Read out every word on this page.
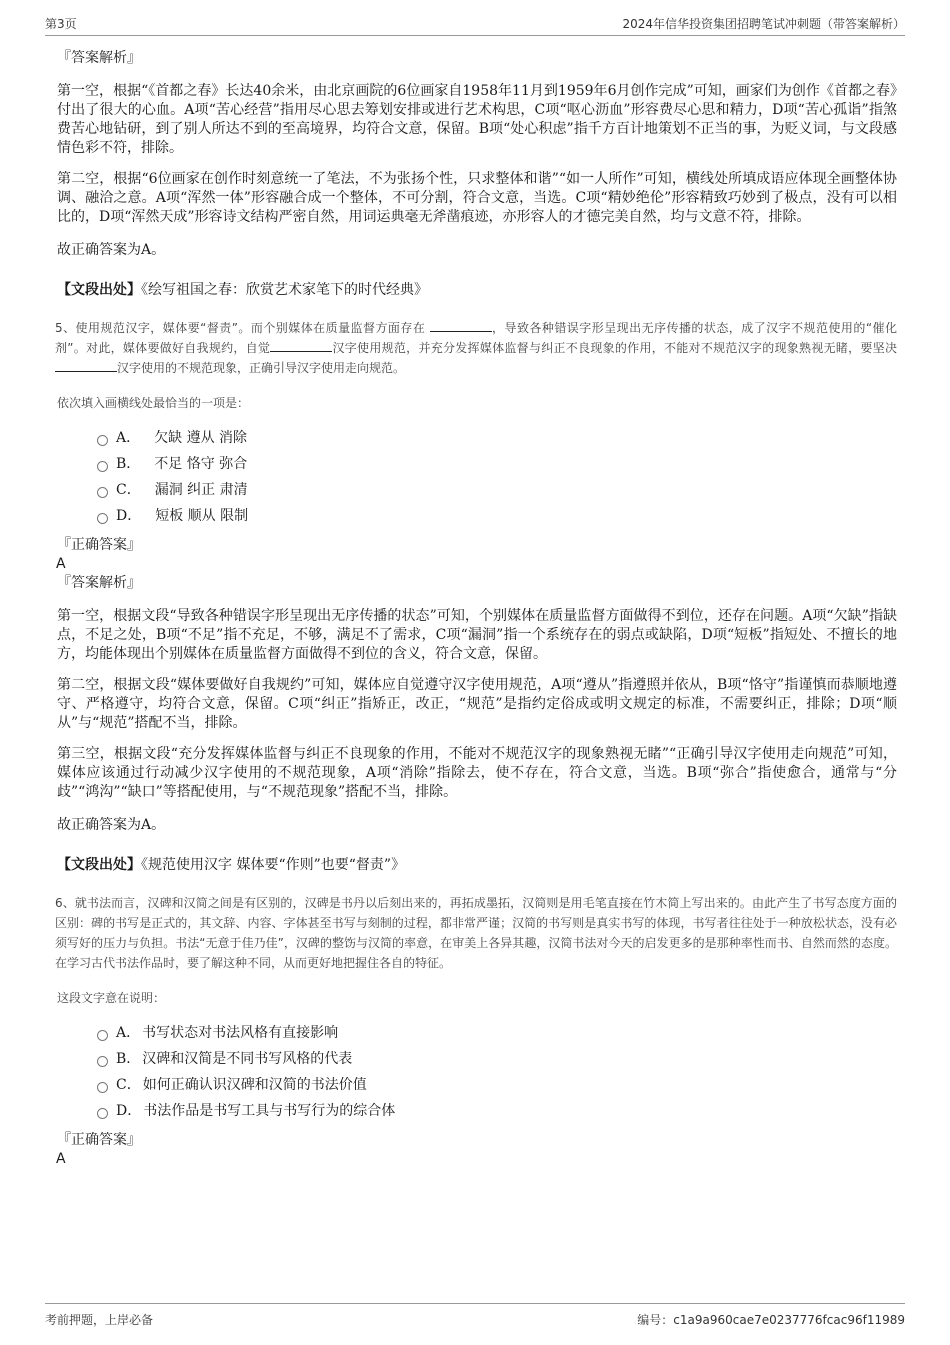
第3页	2024年信华投资集团招聘笔试冲刺题（带答案解析）
『答案解析』

第一空，根据“《首都之春》长达40余米，由北京画院的6位画家自1958年11月到1959年6月创作完成”可知，画家们为创作《首都之春》付出了很大的心血。A项“苦心经营”指用尽心思去筹划安排或进行艺术构思，C项“呕心沥血”形容费尽心思和精力，D项“苦心孤诣”指煞费苦心地钻研，到了别人所达不到的至高境界，均符合文意，保留。B项“处心积虑”指千方百计地策划不正当的事，为贬义词，与文段感情色彩不符，排除。

第二空，根据“6位画家在创作时刻意统一了笔法，不为张扬个性，只求整体和谐”“如一人所作”可知，横线处所填成语应体现全画整体协调、融洽之意。A项“浑然一体”形容融合成一个整体，不可分割，符合文意，当选。C项“精妙绝伦”形容精致巧妙到了极点，没有可以相比的，D项“浑然天成”形容诗文结构严密自然，用词运典毫无斧凿痕迹，亦形容人的才德完美自然，均与文意不符，排除。

故正确答案为A。

【文段出处】《绘写祖国之春：欣赏艺术家笔下的时代经典》
5、使用规范汉字，媒体要“督责”。而个别媒体在质量监督方面存在	，导致各种错误字形呈现出无序传播的状态，成了汉字不规范使用的“催化剂”。对此，媒体要做好自我规约，自觉	汉字使用规范，并充分发挥媒体监督与纠正不良现象的作用，不能对不规范汉字的现象熟视无睹，要坚决汉字使用的不规范现象，正确引导汉字使用走向规范。
依次填入画横线处最恰当的一项是：
A． 欠缺 遵从 消除
B． 不足 恪守 弥合
C． 漏洞 纠正 肃清
D． 短板 顺从 限制
『正确答案』
A
『答案解析』

第一空，根据文段“导致各种错误字形呈现出无序传播的状态”可知，个别媒体在质量监督方面做得不到位，还存在问题。A项“欠缺”指缺点，不足之处，B项“不足”指不充足，不够，满足不了需求，C项“漏洞”指一个系统存在的弱点或缺陷，D项“短板”指短处、不擅长的地方，均能体现出个别媒体在质量监督方面做得不到位的含义，符合文意，保留。

第二空，根据文段“媒体要做好自我规约”可知，媒体应自觉遵守汉字使用规范，A项“遵从”指遵照并依从，B项“恪守”指谨慎而恭顺地遵守、严格遵守，均符合文意，保留。C项“纠正”指矫正，改正，“规范”是指约定俗成或明文规定的标准，不需要纠正，排除；D项“顺从”与“规范”搭配不当，排除。

第三空，根据文段“充分发挥媒体监督与纠正不良现象的作用，不能对不规范汉字的现象熟视无睹”“正确引导汉字使用走向规范”可知，媒体应该通过行动减少汉字使用的不规范现象，A项“消除”指除去，使不存在，符合文意，当选。B项“弥合”指使愈合，通常与“分歧”“鸿沟”“缺口”等搭配使用，与“不规范现象”搭配不当，排除。

故正确答案为A。

【文段出处】《规范使用汉字 媒体要“作则”也要“督责”》
6、就书法而言，汉碑和汉简之间是有区别的，汉碑是书丹以后刻出来的，再拓成墨拓，汉简则是用毛笔直接在竹木简上写出来的。由此产生了书写态度方面的区别：碑的书写是正式的，其文辞、内容、字体甚至书写与刻制的过程，都非常严谨；汉简的书写则是真实书写的体现，书写者往往处于一种放松状态，没有必须写好的压力与负担。书法“无意于佳乃佳”，汉碑的整饬与汉简的率意，在审美上各异其趣，汉简书法对今天的启发更多的是那种率性而书、自然而然的态度。在学习古代书法作品时，要了解这种不同，从而更好地把握住各自的特征。
这段文字意在说明：
A． 书写状态对书法风格有直接影响
B． 汉碑和汉简是不同书写风格的代表
C． 如何正确认识汉碑和汉简的书法价值
D． 书法作品是书写工具与书写行为的综合体
『正确答案』
A
考前押题，上岸必备	编号：c1a9a960cae7e0237776fcac96f11989
